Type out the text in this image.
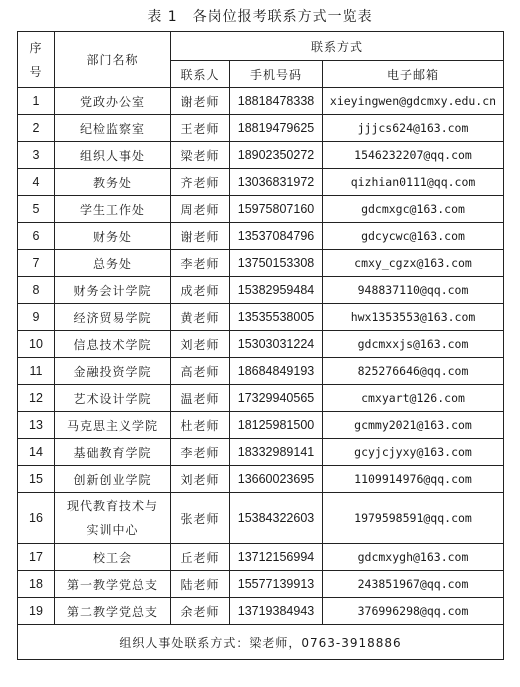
表 1　各岗位报考联系方式一览表
序号	部门名称	联系方式		
		联系人	手机号码	电子邮箱
1	党政办公室	谢老师	18818478338	xieyingwen@gdcmxy.edu.cn
2	纪检监察室	王老师	18819479625	jjjcs624@163.com
3	组织人事处	梁老师	18902350272	1546232207@qq.com
4	教务处	齐老师	13036831972	qizhian0111@qq.com
5	学生工作处	周老师	15975807160	gdcmxgc@163.com
6	财务处	谢老师	13537084796	gdcycwc@163.com
7	总务处	李老师	13750153308	cmxy_cgzx@163.com
8	财务会计学院	成老师	15382959484	948837110@qq.com
9	经济贸易学院	黄老师	13535538005	hwx1353553@163.com
10	信息技术学院	刘老师	15303031224	gdcmxxjs@163.com
11	金融投资学院	高老师	18684849193	825276646@qq.com
12	艺术设计学院	温老师	17329940565	cmxyart@126.com
13	马克思主义学院	杜老师	18125981500	gcmmy2021@163.com
14	基础教育学院	李老师	18332989141	gcyjcjyxy@163.com
15	创新创业学院	刘老师	13660023695	1109914976@qq.com
16	现代教育技术与
实训中心	张老师	15384322603	1979598591@qq.com
17	校工会	丘老师	13712156994	gdcmxygh@163.com
18	第一教学党总支	陆老师	15577139913	243851967@qq.com
19	第二教学党总支	余老师	13719384943	376996298@qq.com
组织人事处联系方式：梁老师，0763-3918886				
